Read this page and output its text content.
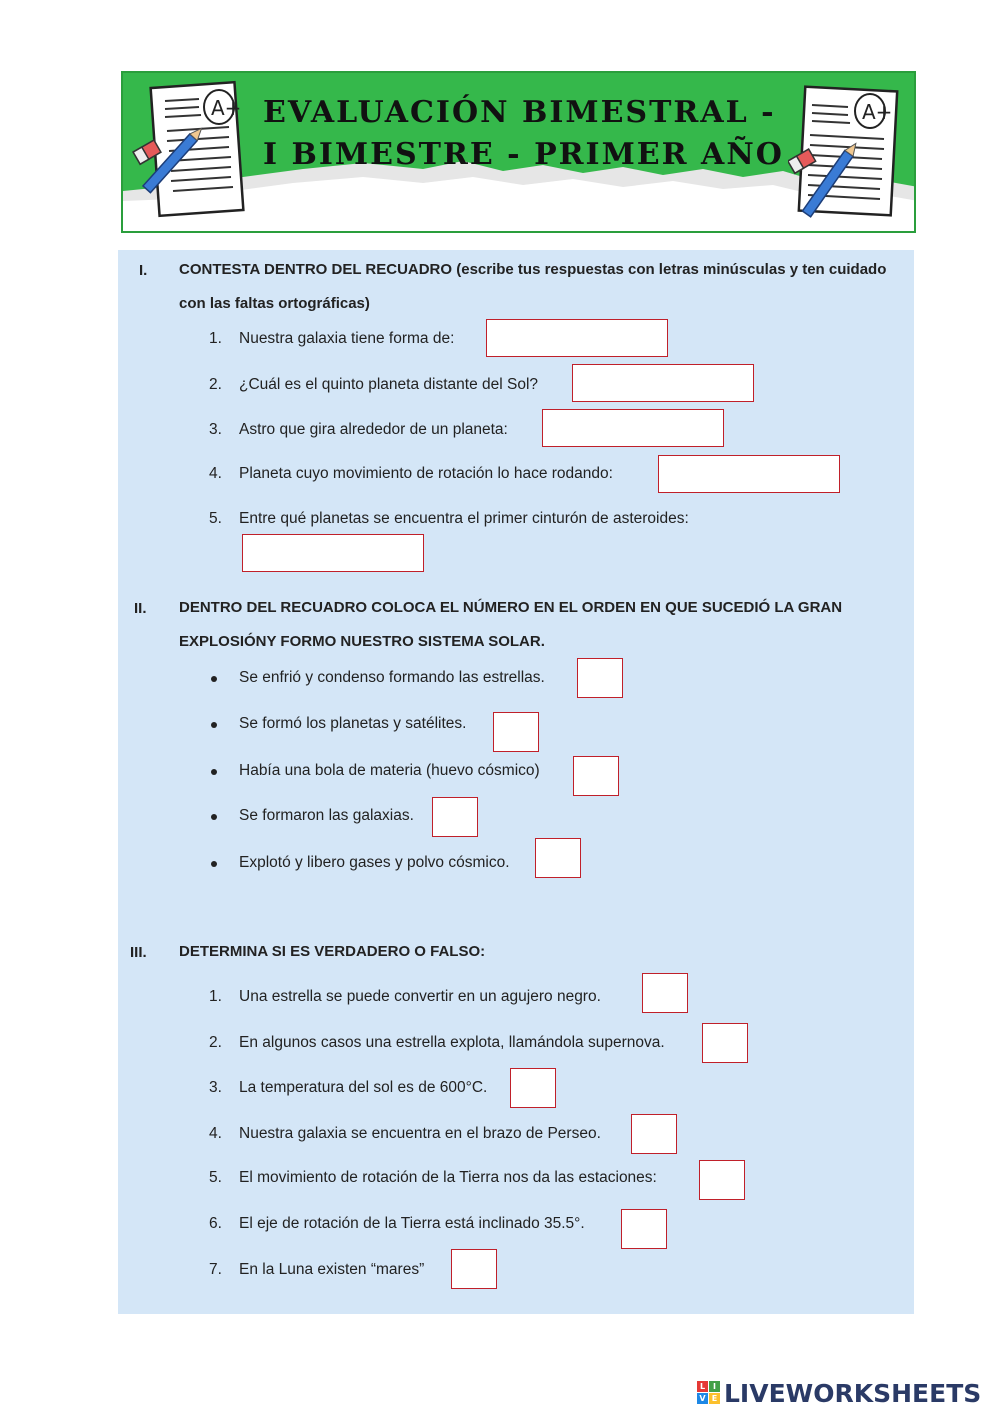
A+ EVALUACIÓN BIMESTRAL -
I BIMESTRE - PRIMER AÑO
A+
I. CONTESTA DENTRO DEL RECUADRO (escribe tus respuestas con letras minúsculas y ten cuidado con las faltas ortográficas)
1. Nuestra galaxia tiene forma de:
2. ¿Cuál es el quinto planeta distante del Sol?
3. Astro que gira alrededor de un planeta:
4. Planeta cuyo movimiento de rotación lo hace rodando:
5. Entre qué planetas se encuentra el primer cinturón de asteroides:
II. DENTRO DEL RECUADRO COLOCA EL NÚMERO EN EL ORDEN EN QUE SUCEDIÓ LA GRAN EXPLOSIÓNY FORMO NUESTRO SISTEMA SOLAR.
Se enfrió y condenso formando las estrellas.
Se formó los planetas y satélites.
Había una bola de materia (huevo cósmico)
Se formaron las galaxias.
Explotó y libero gases y polvo cósmico.
III. DETERMINA SI ES VERDADERO O FALSO:
1. Una estrella se puede convertir en un agujero negro.
2. En algunos casos una estrella explota, llamándola supernova.
3. La temperatura del sol es de 600°C.
4. Nuestra galaxia se encuentra en el brazo de Perseo.
5. El movimiento de rotación de la Tierra nos da las estaciones:
6. El eje de rotación de la Tierra está inclinado 35.5°.
7. En la Luna existen “mares”
L I
V E LIVEWORKSHEETS
